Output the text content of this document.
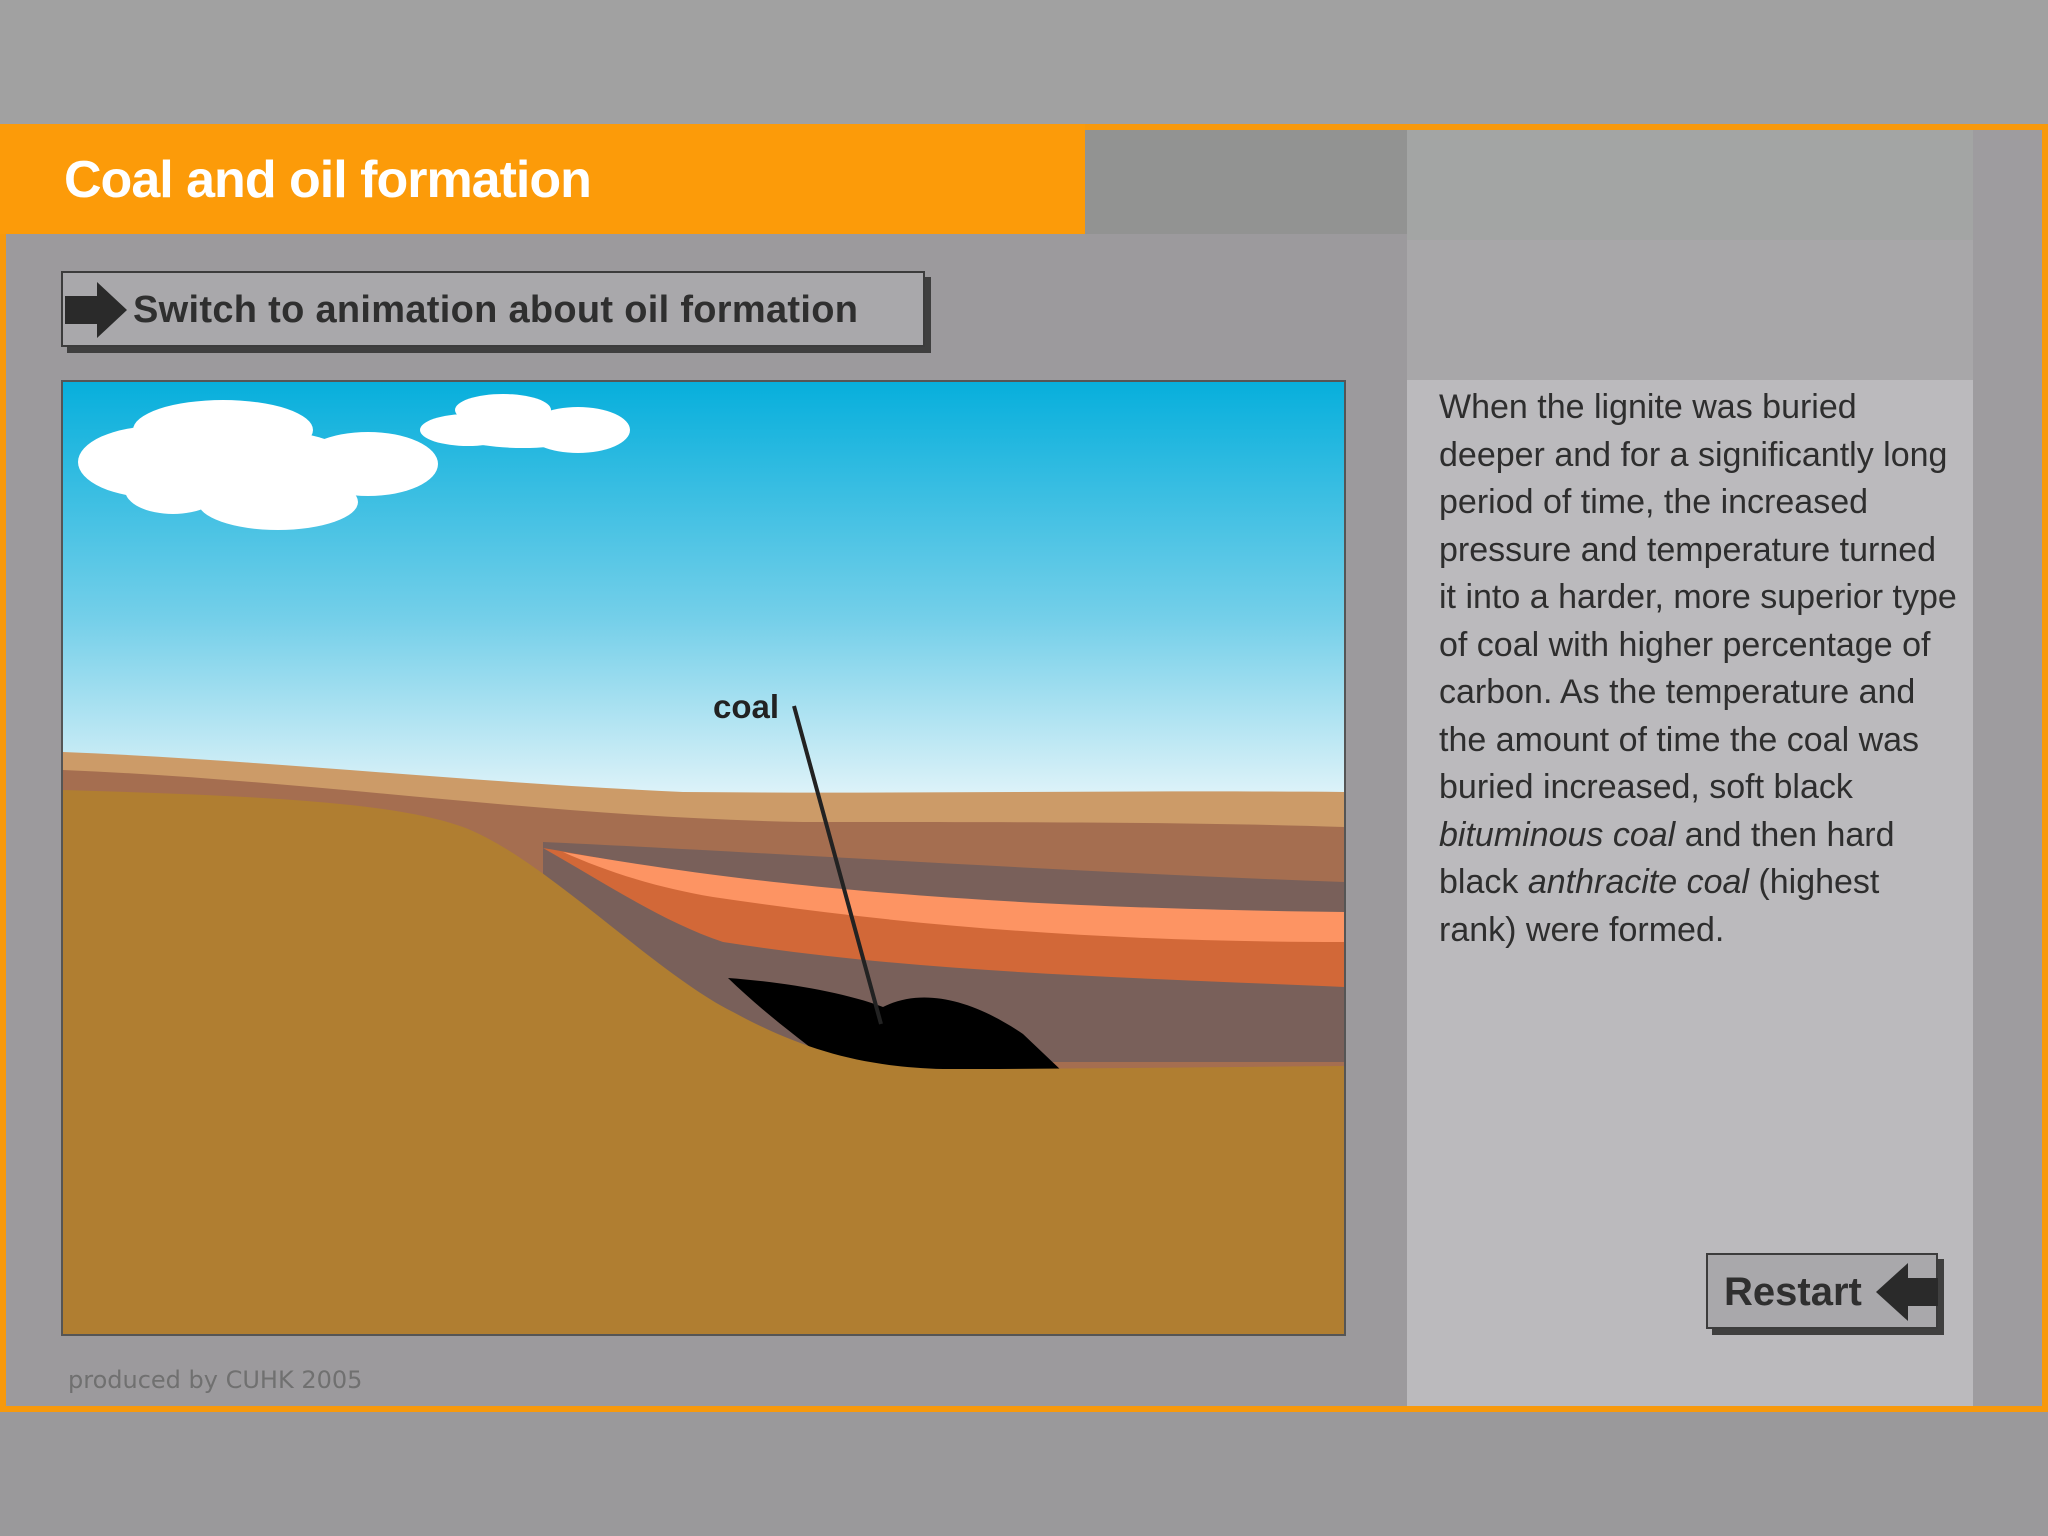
Coal and oil formation
Switch to animation about oil formation
coal
produced by CUHK 2005

When the lignite was buried deeper and for a significantly long period of time, the increased pressure and temperature turned it into a harder, more superior type of coal with higher percentage of carbon. As the temperature and the amount of time the coal was buried increased, soft black bituminous coal and then hard black anthracite coal (highest rank) were formed.

Restart
